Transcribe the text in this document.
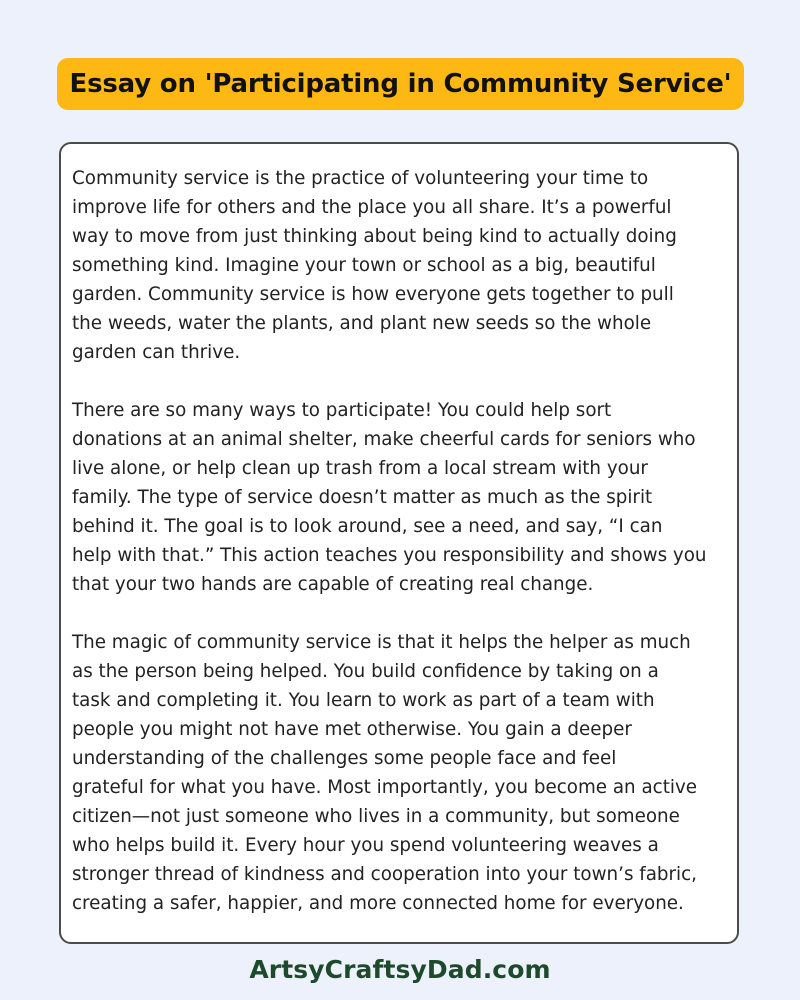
Essay on 'Participating in Community Service'

Community service is the practice of volunteering your time to
improve life for others and the place you all share. It’s a powerful
way to move from just thinking about being kind to actually doing
something kind. Imagine your town or school as a big, beautiful
garden. Community service is how everyone gets together to pull
the weeds, water the plants, and plant new seeds so the whole
garden can thrive.

There are so many ways to participate! You could help sort
donations at an animal shelter, make cheerful cards for seniors who
live alone, or help clean up trash from a local stream with your
family. The type of service doesn’t matter as much as the spirit
behind it. The goal is to look around, see a need, and say, “I can
help with that.” This action teaches you responsibility and shows you
that your two hands are capable of creating real change.

The magic of community service is that it helps the helper as much
as the person being helped. You build confidence by taking on a
task and completing it. You learn to work as part of a team with
people you might not have met otherwise. You gain a deeper
understanding of the challenges some people face and feel
grateful for what you have. Most importantly, you become an active
citizen—not just someone who lives in a community, but someone
who helps build it. Every hour you spend volunteering weaves a
stronger thread of kindness and cooperation into your town’s fabric,
creating a safer, happier, and more connected home for everyone.

ArtsyCraftsyDad.com
